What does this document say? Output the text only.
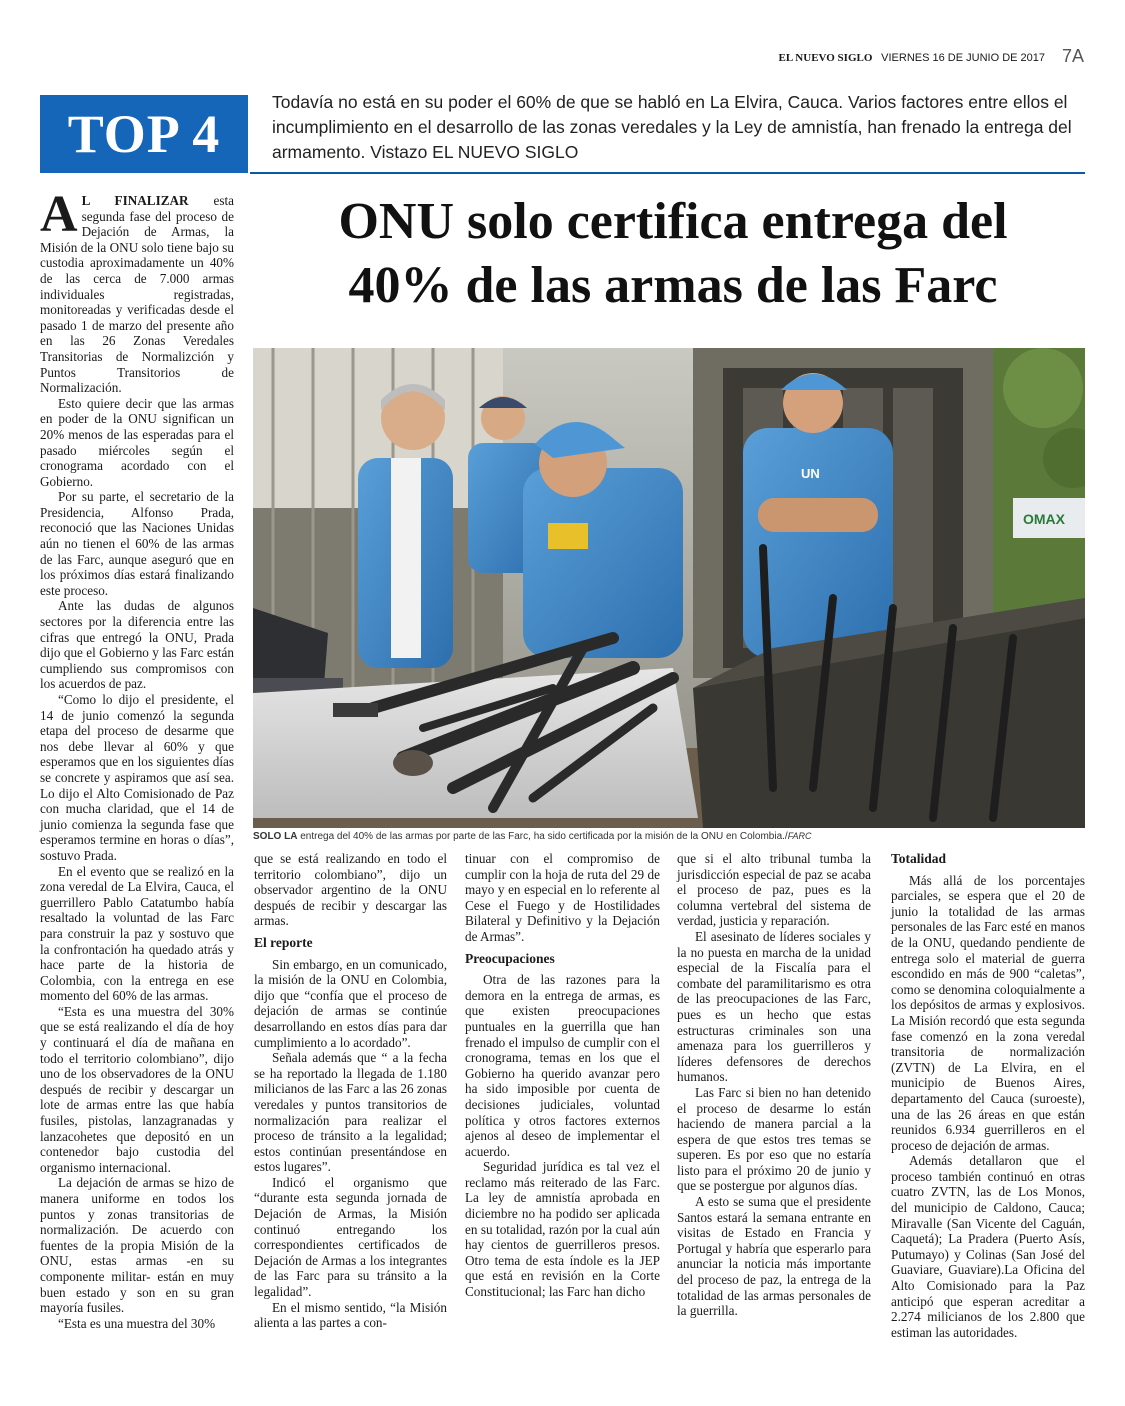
EL NUEVO SIGLO VIERNES 16 DE JUNIO DE 2017 7A
TOP 4
Todavía no está en su poder el 60% de que se habló en La Elvira, Cauca. Varios factores entre ellos el incumplimiento en el desarrollo de las zonas veredales y la Ley de amnistía, han frenado la entrega del armamento. Vistazo EL NUEVO SIGLO
ONU solo certifica entrega del
40% de las armas de las Farc
OMAX
UN
SOLO LA entrega del 40% de las armas por parte de las Farc, ha sido certificada por la misión de la ONU en Colombia./FARC

A L FINALIZAR esta segunda fase del proceso de Dejación de Armas, la Misión de la ONU solo tiene bajo su custodia aproximadamente un 40% de las cerca de 7.000 armas individuales registradas, monitoreadas y verificadas desde el pasado 1 de marzo del presente año en las 26 Zonas Veredales Transitorias de Normalizción y Puntos Transitorios de Normalización.

Esto quiere decir que las armas en poder de la ONU significan un 20% menos de las esperadas para el pasado miércoles según el cronograma acordado con el Gobierno.

Por su parte, el secretario de la Presidencia, Alfonso Prada, reconoció que las Naciones Unidas aún no tienen el 60% de las armas de las Farc, aunque aseguró que en los próximos días estará finalizando este proceso.

Ante las dudas de algunos sectores por la diferencia entre las cifras que entregó la ONU, Prada dijo que el Gobierno y las Farc están cumpliendo sus compromisos con los acuerdos de paz.

“Como lo dijo el presidente, el 14 de junio comenzó la segunda etapa del proceso de desarme que nos debe llevar al 60% y que esperamos que en los siguientes días se concrete y aspiramos que así sea. Lo dijo el Alto Comisionado de Paz con mucha claridad, que el 14 de junio comienza la segunda fase que esperamos termine en horas o días”, sostuvo Prada.

En el evento que se realizó en la zona veredal de La Elvira, Cauca, el guerrillero Pablo Catatumbo había resaltado la voluntad de las Farc para construir la paz y sostuvo que la confrontación ha quedado atrás y hace parte de la historia de Colombia, con la entrega en ese momento del 60% de las armas.

“Esta es una muestra del 30% que se está realizando el día de hoy y continuará el día de mañana en todo el territorio colombiano”, dijo uno de los observadores de la ONU después de recibir y descargar un lote de armas entre las que había fusiles, pistolas, lanzagranadas y lanzacohetes que depositó en un contenedor bajo custodia del organismo internacional.

La dejación de armas se hizo de manera uniforme en todos los puntos y zonas transitorias de normalización. De acuerdo con fuentes de la propia Misión de la ONU, estas armas -en su componente militar- están en muy buen estado y son en su gran mayoría fusiles.

“Esta es una muestra del 30%

que se está realizando en todo el territorio colombiano”, dijo un observador argentino de la ONU después de recibir y descargar las armas.

El reporte

Sin embargo, en un comunicado, la misión de la ONU en Colombia, dijo que “confía que el proceso de dejación de armas se continúe desarrollando en estos días para dar cumplimiento a lo acordado”.

Señala además que “ a la fecha se ha reportado la llegada de 1.180 milicianos de las Farc a las 26 zonas veredales y puntos transitorios de normalización para realizar el proceso de tránsito a la legalidad; estos continúan presentándose en estos lugares”.

Indicó el organismo que “durante esta segunda jornada de Dejación de Armas, la Misión continuó entregando los correspondientes certificados de Dejación de Armas a los integrantes de las Farc para su tránsito a la legalidad”.

En el mismo sentido, “la Misión alienta a las partes a con-

tinuar con el compromiso de cumplir con la hoja de ruta del 29 de mayo y en especial en lo referente al Cese el Fuego y de Hostilidades Bilateral y Definitivo y la Dejación de Armas”.

Preocupaciones

Otra de las razones para la demora en la entrega de armas, es que existen preocupaciones puntuales en la guerrilla que han frenado el impulso de cumplir con el cronograma, temas en los que el Gobierno ha querido avanzar pero ha sido imposible por cuenta de decisiones judiciales, voluntad política y otros factores externos ajenos al deseo de implementar el acuerdo.

Seguridad jurídica es tal vez el reclamo más reiterado de las Farc. La ley de amnistía aprobada en diciembre no ha podido ser aplicada en su totalidad, razón por la cual aún hay cientos de guerrilleros presos. Otro tema de esta índole es la JEP que está en revisión en la Corte Constitucional; las Farc han dicho

que si el alto tribunal tumba la jurisdicción especial de paz se acaba el proceso de paz, pues es la columna vertebral del sistema de verdad, justicia y reparación.

El asesinato de líderes sociales y la no puesta en marcha de la unidad especial de la Fiscalía para el combate del paramilitarismo es otra de las preocupaciones de las Farc, pues es un hecho que estas estructuras criminales son una amenaza para los guerrilleros y líderes defensores de derechos humanos.

Las Farc si bien no han detenido el proceso de desarme lo están haciendo de manera parcial a la espera de que estos tres temas se superen. Es por eso que no estaría listo para el próximo 20 de junio y que se postergue por algunos días.

A esto se suma que el presidente Santos estará la semana entrante en visitas de Estado en Francia y Portugal y habría que esperarlo para anunciar la noticia más importante del proceso de paz, la entrega de la totalidad de las armas personales de la guerrilla.

Totalidad

Más allá de los porcentajes parciales, se espera que el 20 de junio la totalidad de las armas personales de las Farc esté en manos de la ONU, quedando pendiente de entrega solo el material de guerra escondido en más de 900 “caletas”, como se denomina coloquialmente a los depósitos de armas y explosivos. La Misión recordó que esta segunda fase comenzó en la zona veredal transitoria de normalización (ZVTN) de La Elvira, en el municipio de Buenos Aires, departamento del Cauca (suroeste), una de las 26 áreas en que están reunidos 6.934 guerrilleros en el proceso de dejación de armas.

Además detallaron que el proceso también continuó en otras cuatro ZVTN, las de Los Monos, del municipio de Caldono, Cauca; Miravalle (San Vicente del Caguán, Caquetá); La Pradera (Puerto Asís, Putumayo) y Colinas (San José del Guaviare, Guaviare).La Oficina del Alto Comisionado para la Paz anticipó que esperan acreditar a 2.274 milicianos de los 2.800 que estiman las autoridades.
